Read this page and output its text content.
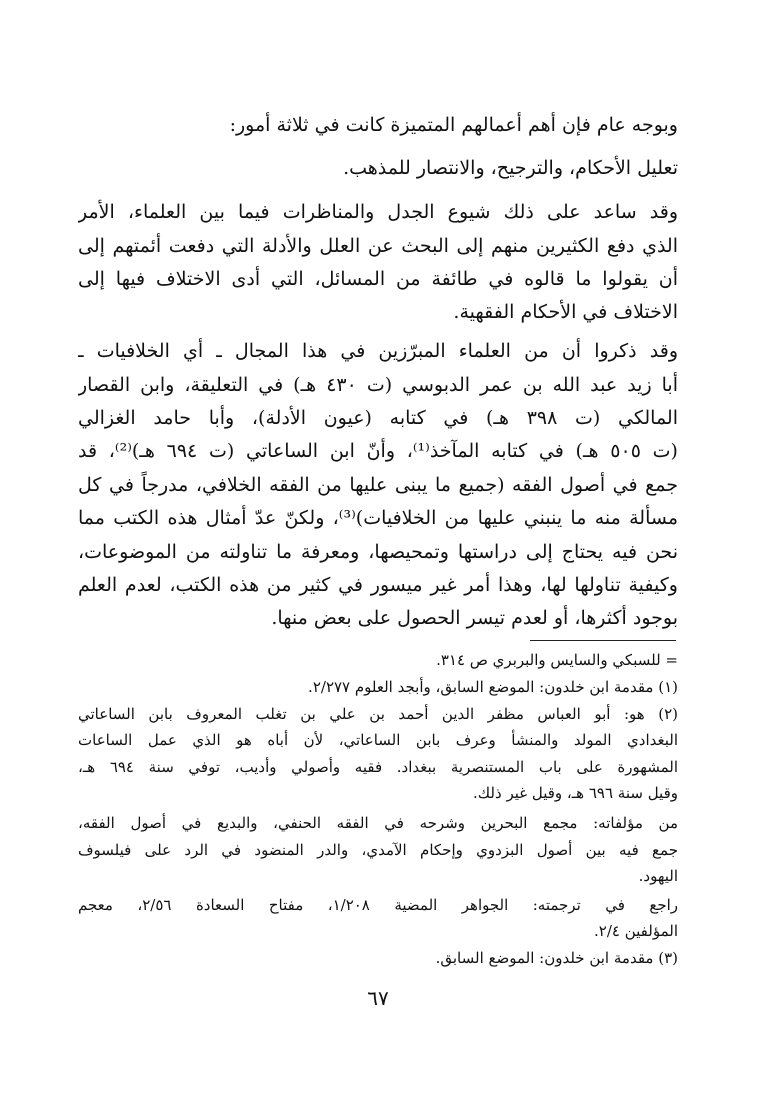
وبوجه عام فإن أهم أعمالهم المتميزة كانت في ثلاثة أمور:
تعليل الأحكام، والترجيح، والانتصار للمذهب.
وقد ساعد على ذلك شيوع الجدل والمناظرات فيما بين العلماء، الأمر
الذي دفع الكثيرين منهم إلى البحث عن العلل والأدلة التي دفعت أئمتهم إلى
أن يقولوا ما قالوه في طائفة من المسائل، التي أدى الاختلاف فيها إلى
الاختلاف في الأحكام الفقهية.
وقد ذكروا أن من العلماء المبرّزين في هذا المجال ـ أي الخلافيات ـ
أبا زيد عبد الله بن عمر الدبوسي (ت ٤٣٠ هـ) في التعليقة، وابن القصار
المالكي (ت ٣٩٨ هـ) في كتابه (عيون الأدلة)، وأبا حامد الغزالي
(ت ٥٠٥ هـ) في كتابه المآخذ⁽¹⁾، وأنّ ابن الساعاتي (ت ٦٩٤ هـ)⁽²⁾، قد
جمع في أصول الفقه (جميع ما يبنى عليها من الفقه الخلافي، مدرجاً في كل
مسألة منه ما ينبني عليها من الخلافيات)⁽³⁾، ولكنّ عدّ أمثال هذه الكتب مما
نحن فيه يحتاج إلى دراستها وتمحيصها، ومعرفة ما تناولته من الموضوعات،
وكيفية تناولها لها، وهذا أمر غير ميسور في كثير من هذه الكتب، لعدم العلم
بوجود أكثرها، أو لعدم تيسر الحصول على بعض منها.
= للسبكي والسايس والبربري ص ٣١٤.
(١) مقدمة ابن خلدون: الموضع السابق، وأبجد العلوم ٢/٢٧٧.
(٢) هو: أبو العباس مظفر الدين أحمد بن علي بن تغلب المعروف بابن الساعاتي
البغدادي المولد والمنشأ وعرف بابن الساعاتي، لأن أباه هو الذي عمل الساعات
المشهورة على باب المستنصرية ببغداد. فقيه وأصولي وأديب، توفي سنة ٦٩٤ هـ،
وقيل سنة ٦٩٦ هـ، وقيل غير ذلك.
من مؤلفاته: مجمع البحرين وشرحه في الفقه الحنفي، والبديع في أصول الفقه،
جمع فيه بين أصول البزدوي وإحكام الآمدي، والدر المنضود في الرد على فيلسوف
اليهود.
راجع في ترجمته: الجواهر المضية ١/٢٠٨، مفتاح السعادة ٢/٥٦، معجم
المؤلفين ٢/٤.
(٣) مقدمة ابن خلدون: الموضع السابق.
٦٧
